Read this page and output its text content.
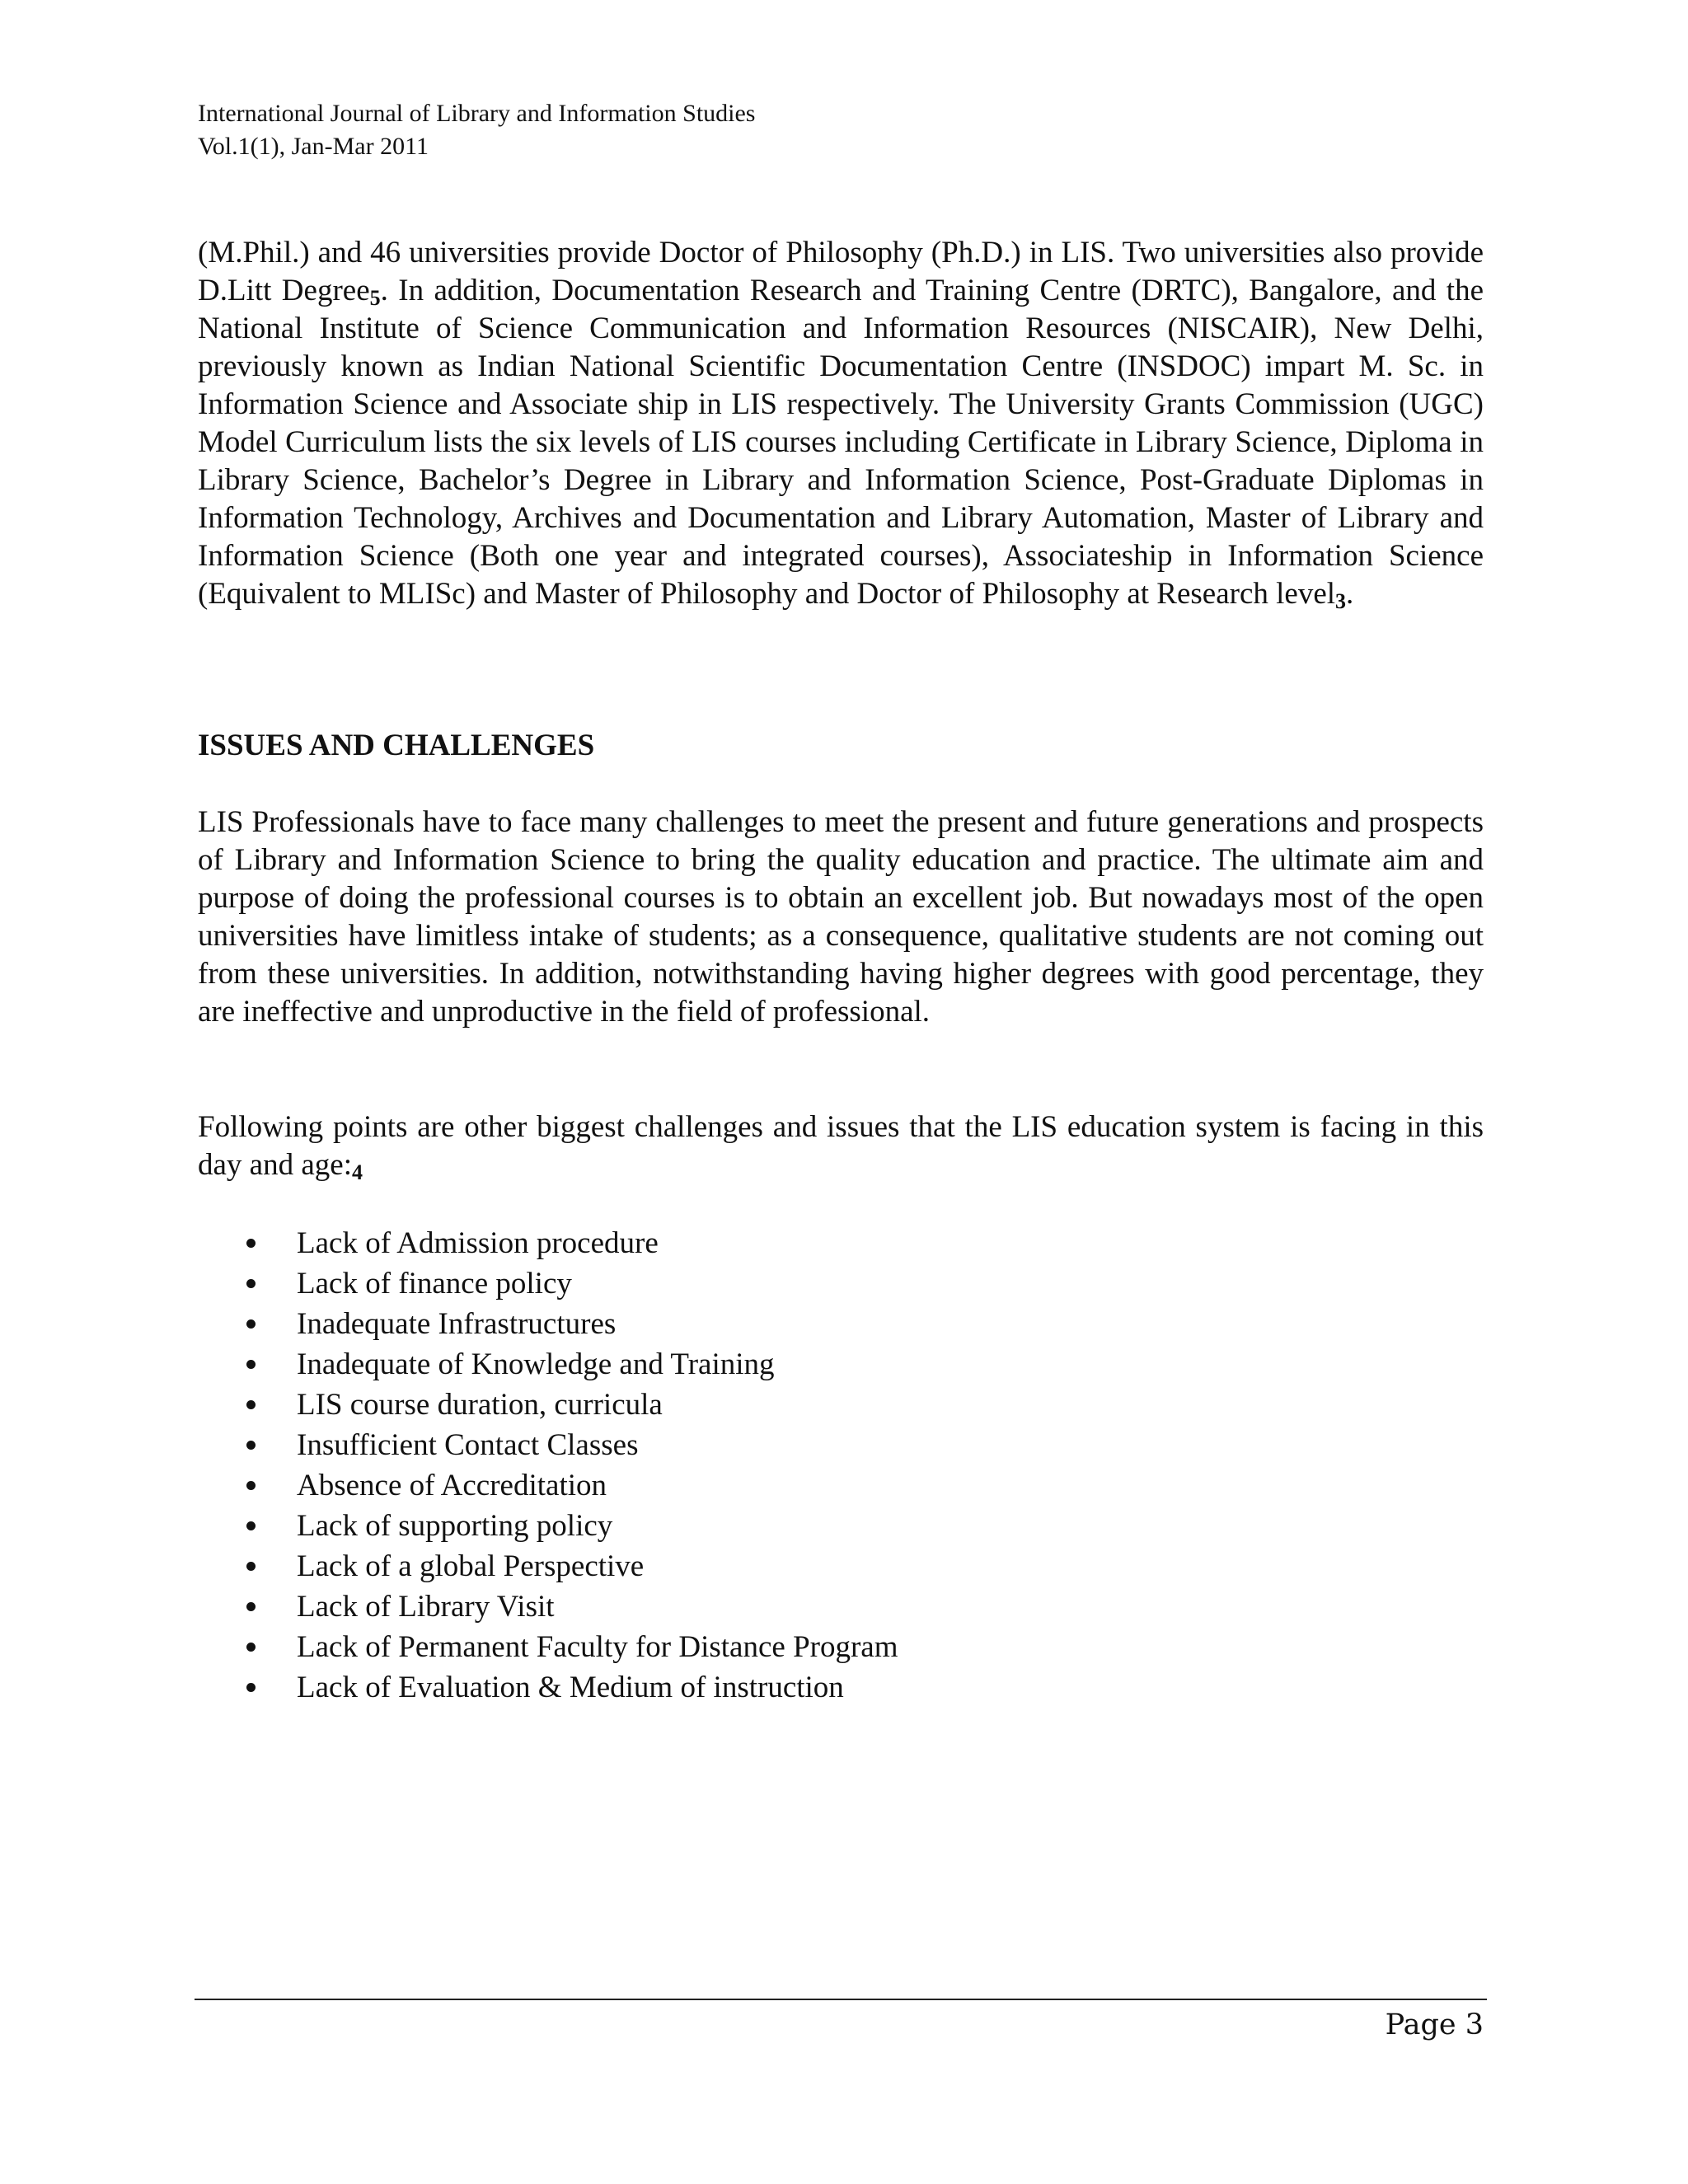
International Journal of Library and Information Studies
Vol.1(1), Jan-Mar 2011

(M.Phil.) and 46 universities provide Doctor of Philosophy (Ph.D.) in LIS. Two universities also provide D.Litt Degree$_5$. In addition, Documentation Research and Training Centre (DRTC), Bangalore, and the National Institute of Science Communication and Information Resources (NISCAIR), New Delhi, previously known as Indian National Scientific Documentation Centre (INSDOC) impart M. Sc. in Information Science and Associate ship in LIS respectively. The University Grants Commission (UGC) Model Curriculum lists the six levels of LIS courses including Certificate in Library Science, Diploma in Library Science, Bachelor’s Degree in Library and Information Science, Post-Graduate Diplomas in Information Technology, Archives and Documentation and Library Automation, Master of Library and Information Science (Both one year and integrated courses), Associateship in Information Science (Equivalent to MLISc) and Master of Philosophy and Doctor of Philosophy at Research level$_3$.

ISSUES AND CHALLENGES

LIS Professionals have to face many challenges to meet the present and future generations and prospects of Library and Information Science to bring the quality education and practice. The ultimate aim and purpose of doing the professional courses is to obtain an excellent job. But nowadays most of the open universities have limitless intake of students; as a consequence, qualitative students are not coming out from these universities. In addition, notwithstanding having higher degrees with good percentage, they are ineffective and unproductive in the field of professional.

Following points are other biggest challenges and issues that the LIS education system is facing in this day and $age:_4$

Lack of Admission procedure
Lack of finance policy
Inadequate Infrastructures
Inadequate of Knowledge and Training
LIS course duration, curricula
Insufficient Contact Classes
Absence of Accreditation
Lack of supporting policy
Lack of a global Perspective
Lack of Library Visit
Lack of Permanent Faculty for Distance Program
Lack of Evaluation & Medium of instruction
Page 3
